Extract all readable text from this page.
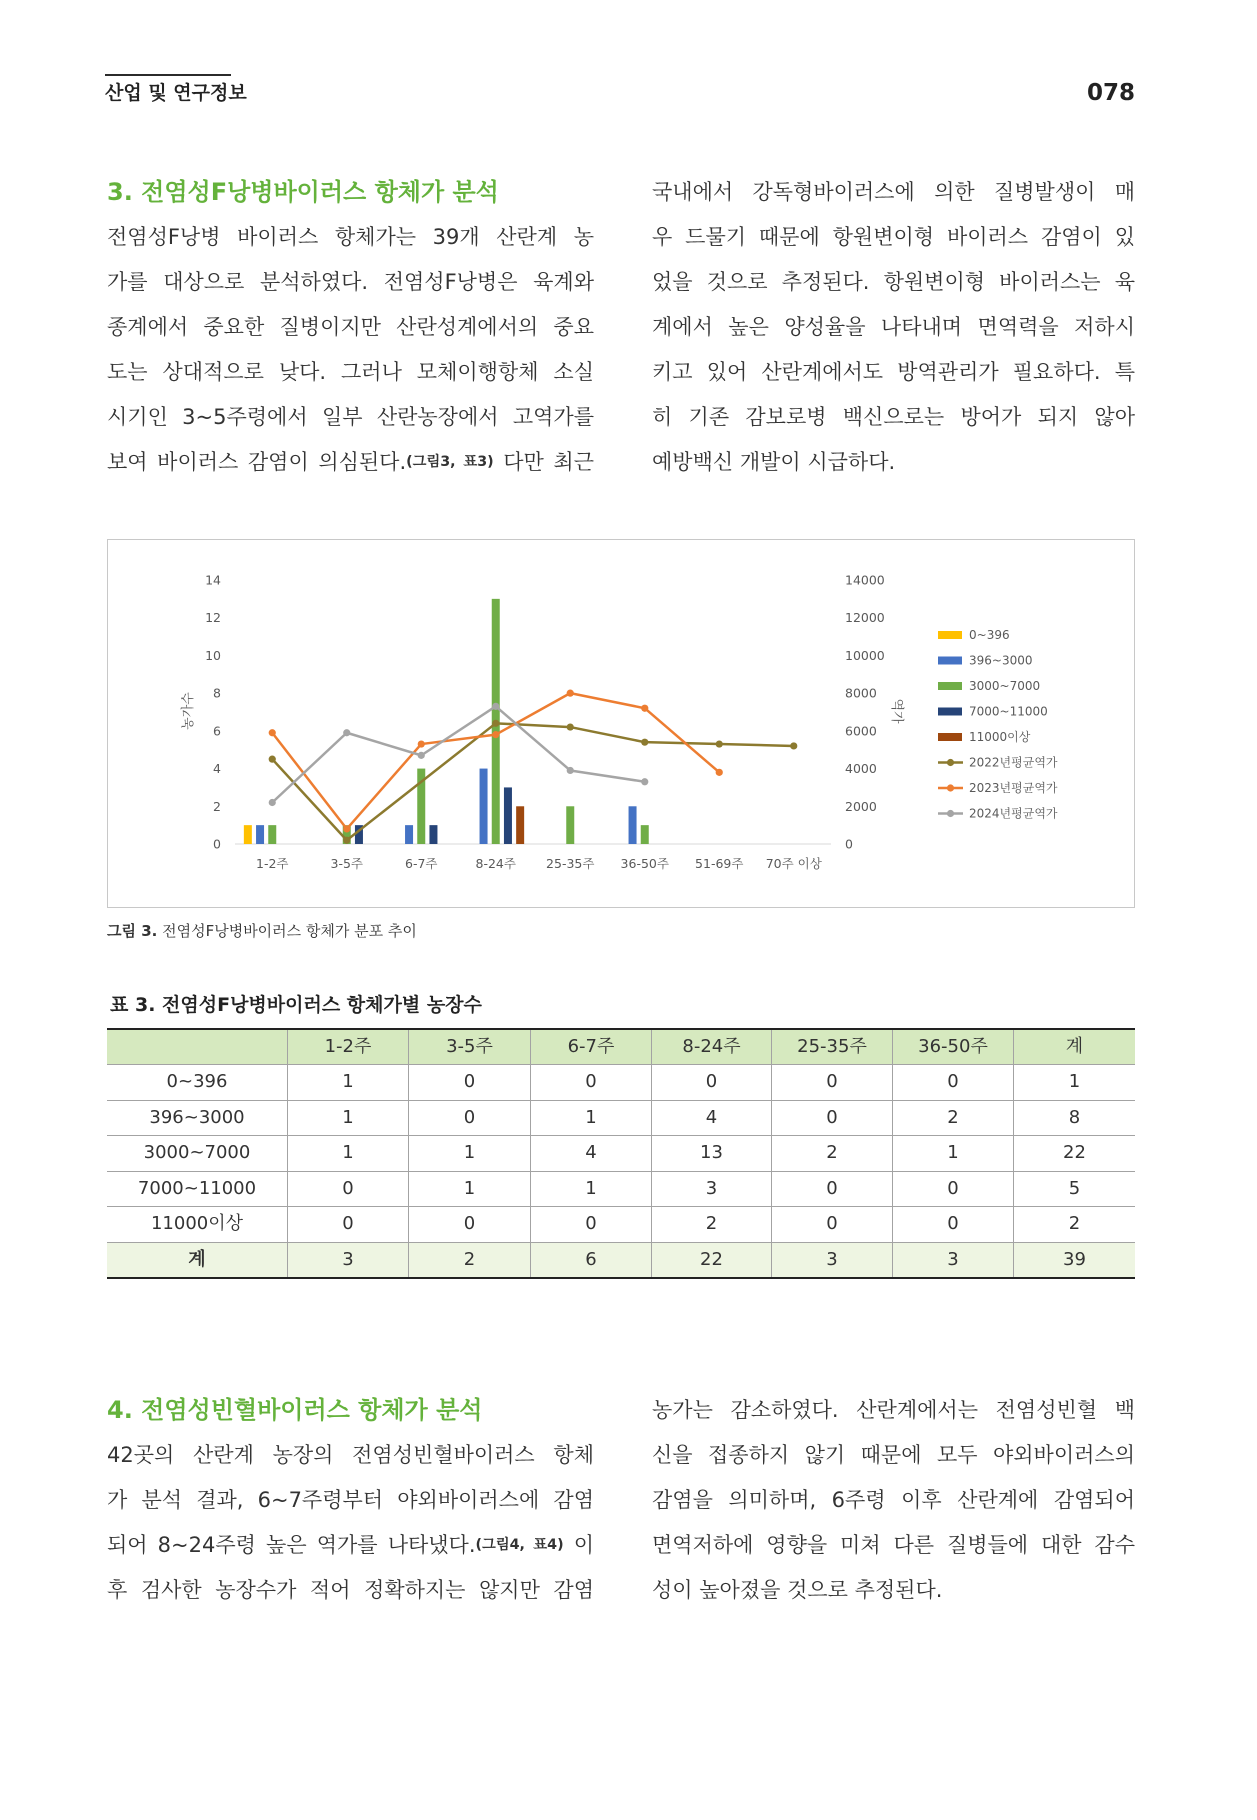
산업 및 연구정보	078
3. 전염성F낭병바이러스 항체가 분석
전염성F낭병 바이러스 항체가는 39개 산란계 농
가를 대상으로 분석하였다. 전염성F낭병은 육계와
종계에서 중요한 질병이지만 산란성계에서의 중요
도는 상대적으로 낮다. 그러나 모체이행항체 소실
시기인 3~5주령에서 일부 산란농장에서 고역가를
보여 바이러스 감염이 의심된다.(그림3, 표3) 다만 최근
국내에서 강독형바이러스에 의한 질병발생이 매
우 드물기 때문에 항원변이형 바이러스 감염이 있
었을 것으로 추정된다. 항원변이형 바이러스는 육
계에서 높은 양성율을 나타내며 면역력을 저하시
키고 있어 산란계에서도 방역관리가 필요하다. 특
히 기존 감보로병 백신으로는 방어가 되지 않아
예방백신 개발이 시급하다.
0
2
4
6
8
10
12
14
0
2000
4000
6000
8000
10000
12000
14000
1-2주	3-5주	6-7주	8-24주 25-35주 36-50주 51-69주 70주 이상
농가수	역가
0~396
396~3000
3000~7000
7000~11000
11000이상
2022년평균역가
2023년평균역가
2024년평균역가
그림 3. 전염성F낭병바이러스 항체가 분포 추이
표 3. 전염성F낭병바이러스 항체가별 농장수
	1-2주	3-5주	6-7주	8-24주	25-35주	36-50주	계
0~396	1	0	0	0	0	0	1
396~3000	1	0	1	4	0	2	8
3000~7000	1	1	4	13	2	1	22
7000~11000	0	1	1	3	0	0	5
11000이상	0	0	0	2	0	0	2
계	3	2	6	22	3	3	39
4. 전염성빈혈바이러스 항체가 분석
42곳의 산란계 농장의 전염성빈혈바이러스 항체
가 분석 결과, 6~7주령부터 야외바이러스에 감염
되어 8~24주령 높은 역가를 나타냈다.(그림4, 표4) 이
후 검사한 농장수가 적어 정확하지는 않지만 감염
농가는 감소하였다. 산란계에서는 전염성빈혈 백
신을 접종하지 않기 때문에 모두 야외바이러스의
감염을 의미하며, 6주령 이후 산란계에 감염되어
면역저하에 영향을 미쳐 다른 질병들에 대한 감수
성이 높아졌을 것으로 추정된다.
